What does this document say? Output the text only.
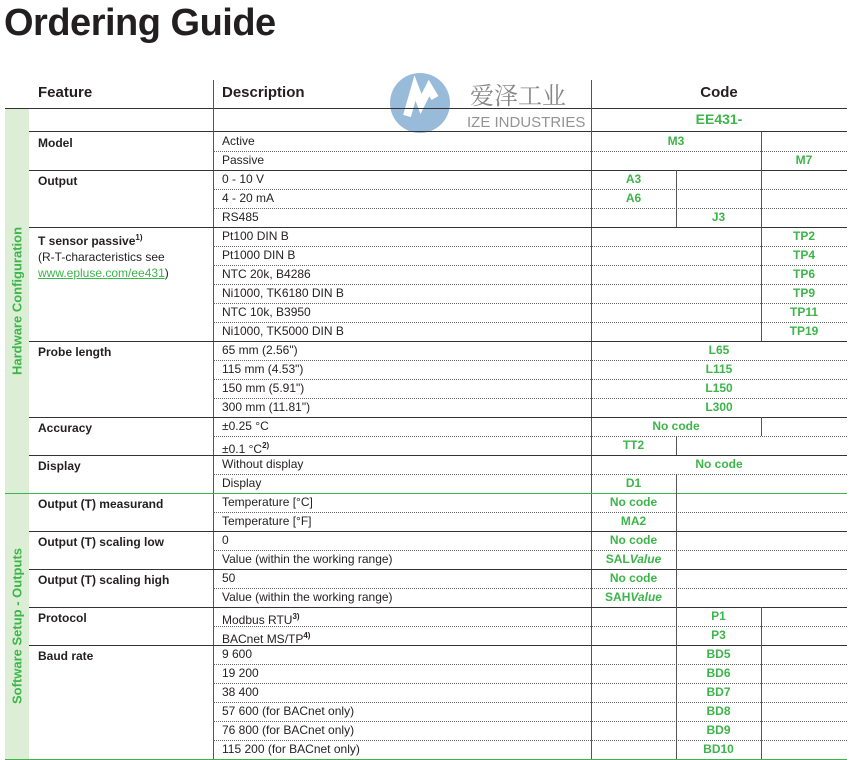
Ordering Guide
爱泽工业
IZE INDUSTRIES
Feature	Description	Code
EE431-
Hardware Configuration
Software Setup - Outputs
Model	Active	M3
Passive	M7
Output	0 - 10 V	A3
4 - 20 mA	A6
RS485	J3
T sensor passive$^{1)}$
(R-T-characteristics see
www.epluse.com/ee431)
Pt100 DIN B	TP2
Pt1000 DIN B	TP4
NTC 20k, B4286	TP6
Ni1000, TK6180 DIN B	TP9
NTC 10k, B3950	TP11
Ni1000, TK5000 DIN B	TP19
Probe length	65 mm (2.56")	L65
115 mm (4.53")	L115
150 mm (5.91")	L150
300 mm (11.81")	L300
Accuracy	±0.25 °C	No code
±0.1 $^\circ C^{2)}$	TT2
Display	Without display	No code
Display	D1
Output (T) measurand	Temperature [°C]	No code
Temperature [°F]	MA2
Output (T) scaling low	0	No code
Value (within the working range)	SALValue
Output (T) scaling high	50	No code
Value (within the working range)	SAHValue
Protocol	Modbus RTU$^{3)}$	P1
BACnet MS/TP$^{4)}$	P3
Baud rate	9 600	BD5
19 200	BD6
38 400	BD7
57 600 (for BACnet only)	BD8
76 800 (for BACnet only)	BD9
115 200 (for BACnet only)	BD10
